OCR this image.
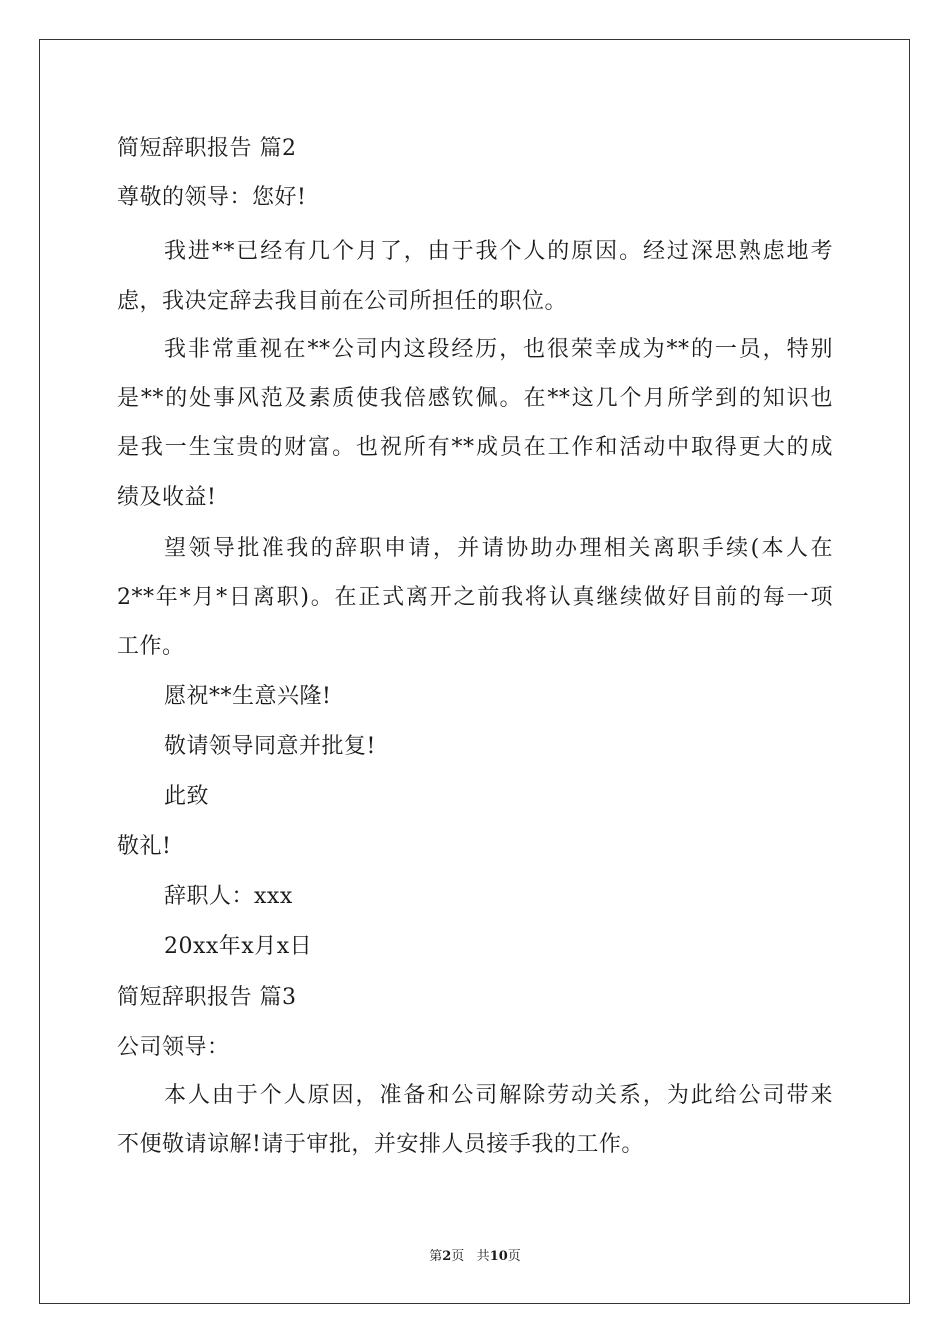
简短辞职报告 篇2
尊敬的领导：您好!
我进**已经有几个月了，由于我个人的原因。经过深思熟虑地考
虑，我决定辞去我目前在公司所担任的职位。
我非常重视在**公司内这段经历，也很荣幸成为**的一员，特别
是**的处事风范及素质使我倍感钦佩。在**这几个月所学到的知识也
是我一生宝贵的财富。也祝所有**成员在工作和活动中取得更大的成
绩及收益!
望领导批准我的辞职申请，并请协助办理相关离职手续(本人在
2**年*月*日离职)。在正式离开之前我将认真继续做好目前的每一项
工作。
愿祝**生意兴隆!
敬请领导同意并批复!
此致
敬礼!
辞职人：xxx
20xx年x月x日
简短辞职报告 篇3
公司领导：
本人由于个人原因，准备和公司解除劳动关系，为此给公司带来
不便敬请谅解!请于审批，并安排人员接手我的工作。
第2页 共10页
